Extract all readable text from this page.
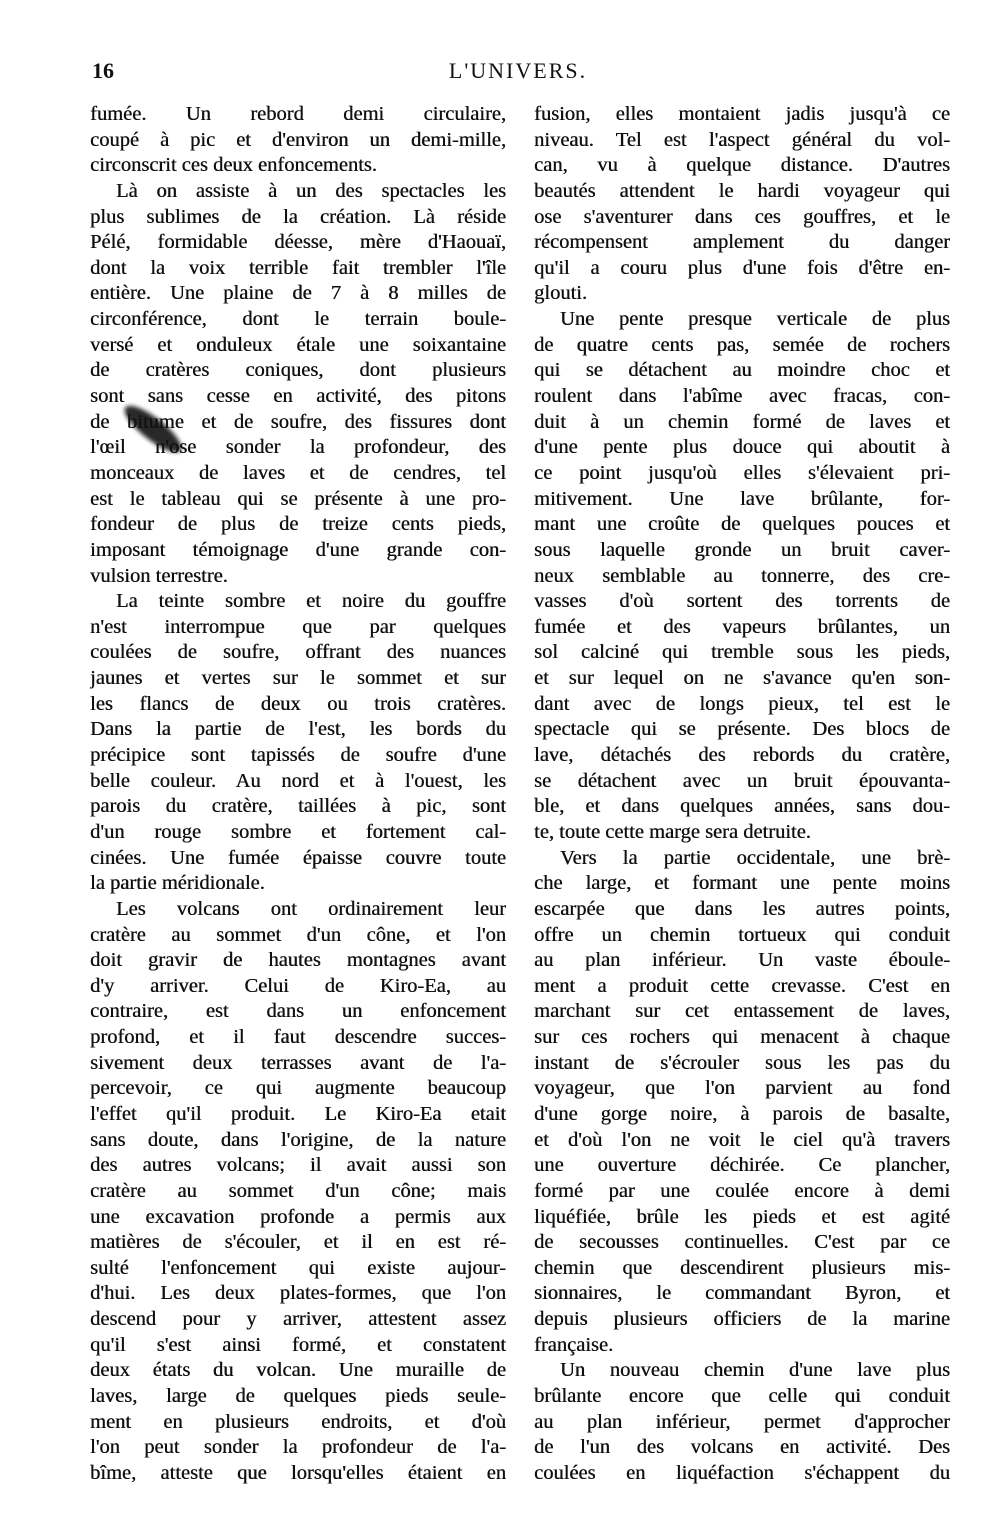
16	L'UNIVERS.
fumée. Un rebord demi circulaire,
coupé à pic et d'environ un demi-mille,
circonscrit ces deux enfoncements.
Là on assiste à un des spectacles les
plus sublimes de la création. Là réside
Pélé, formidable déesse, mère d'Haouaï,
dont la voix terrible fait trembler l'île
entière. Une plaine de 7 à 8 milles de
circonférence, dont le terrain boule-
versé et onduleux étale une soixantaine
de cratères coniques, dont plusieurs
sont sans cesse en activité, des pitons
de bitume et de soufre, des fissures dont
l'œil n'ose sonder la profondeur, des
monceaux de laves et de cendres, tel
est le tableau qui se présente à une pro-
fondeur de plus de treize cents pieds,
imposant témoignage d'une grande con-
vulsion terrestre.
La teinte sombre et noire du gouffre
n'est interrompue que par quelques
coulées de soufre, offrant des nuances
jaunes et vertes sur le sommet et sur
les flancs de deux ou trois cratères.
Dans la partie de l'est, les bords du
précipice sont tapissés de soufre d'une
belle couleur. Au nord et à l'ouest, les
parois du cratère, taillées à pic, sont
d'un rouge sombre et fortement cal-
cinées. Une fumée épaisse couvre toute
la partie méridionale.
Les volcans ont ordinairement leur
cratère au sommet d'un cône, et l'on
doit gravir de hautes montagnes avant
d'y arriver. Celui de Kiro-Ea, au
contraire, est dans un enfoncement
profond, et il faut descendre succes-
sivement deux terrasses avant de l'a-
percevoir, ce qui augmente beaucoup
l'effet qu'il produit. Le Kiro-Ea etait
sans doute, dans l'origine, de la nature
des autres volcans; il avait aussi son
cratère au sommet d'un cône; mais
une excavation profonde a permis aux
matières de s'écouler, et il en est ré-
sulté l'enfoncement qui existe aujour-
d'hui. Les deux plates-formes, que l'on
descend pour y arriver, attestent assez
qu'il s'est ainsi formé, et constatent
deux états du volcan. Une muraille de
laves, large de quelques pieds seule-
ment en plusieurs endroits, et d'où
l'on peut sonder la profondeur de l'a-
bîme, atteste que lorsqu'elles étaient en
fusion, elles montaient jadis jusqu'à ce
niveau. Tel est l'aspect général du vol-
can, vu à quelque distance. D'autres
beautés attendent le hardi voyageur qui
ose s'aventurer dans ces gouffres, et le
récompensent amplement du danger
qu'il a couru plus d'une fois d'être en-
glouti.
Une pente presque verticale de plus
de quatre cents pas, semée de rochers
qui se détachent au moindre choc et
roulent dans l'abîme avec fracas, con-
duit à un chemin formé de laves et
d'une pente plus douce qui aboutit à
ce point jusqu'où elles s'élevaient pri-
mitivement. Une lave brûlante, for-
mant une croûte de quelques pouces et
sous laquelle gronde un bruit caver-
neux semblable au tonnerre, des cre-
vasses d'où sortent des torrents de
fumée et des vapeurs brûlantes, un
sol calciné qui tremble sous les pieds,
et sur lequel on ne s'avance qu'en son-
dant avec de longs pieux, tel est le
spectacle qui se présente. Des blocs de
lave, détachés des rebords du cratère,
se détachent avec un bruit épouvanta-
ble, et dans quelques années, sans dou-
te, toute cette marge sera detruite.
Vers la partie occidentale, une brè-
che large, et formant une pente moins
escarpée que dans les autres points,
offre un chemin tortueux qui conduit
au plan inférieur. Un vaste éboule-
ment a produit cette crevasse. C'est en
marchant sur cet entassement de laves,
sur ces rochers qui menacent à chaque
instant de s'écrouler sous les pas du
voyageur, que l'on parvient au fond
d'une gorge noire, à parois de basalte,
et d'où l'on ne voit le ciel qu'à travers
une ouverture déchirée. Ce plancher,
formé par une coulée encore à demi
liquéfiée, brûle les pieds et est agité
de secousses continuelles. C'est par ce
chemin que descendirent plusieurs mis-
sionnaires, le commandant Byron, et
depuis plusieurs officiers de la marine
française.
Un nouveau chemin d'une lave plus
brûlante encore que celle qui conduit
au plan inférieur, permet d'approcher
de l'un des volcans en activité. Des
coulées en liquéfaction s'échappent du
